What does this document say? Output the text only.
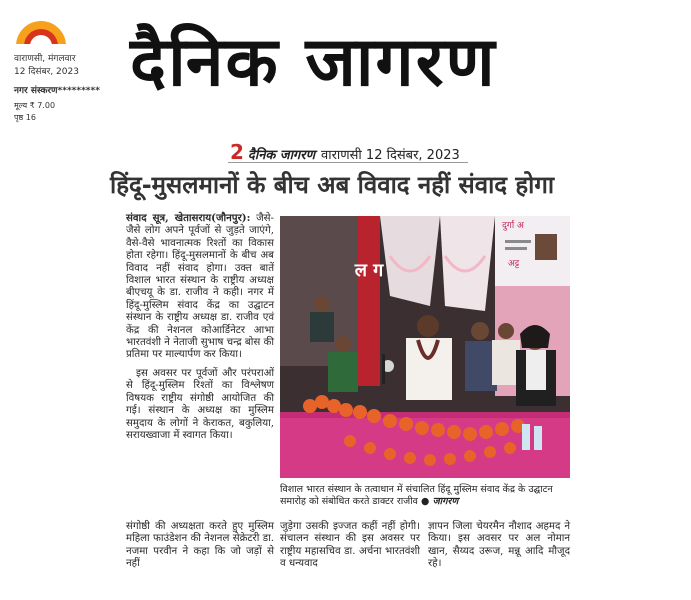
वाराणसी, मंगलवार
12 दिसंबर, 2023
नगर संस्करण*********
मूल्य ₹ 7.00
पृष्ठ 16
दैनिक जागरण
2 दैनिक जागरण वाराणसी 12 दिसंबर, 2023
हिंदू-मुसलमानों के बीच अब विवाद नहीं संवाद होगा

संवाद सूत्र, खेतासराय(जौनपुर): जैसे-जैसे लोग अपने पूर्वजों से जुड़ते जाएंगे, वैसे-वैसे भावनात्मक रिश्तों का विकास होता रहेगा। हिंदू-मुसलमानों के बीच अब विवाद नहीं संवाद होगा। उक्त बातें विशाल भारत संस्थान के राष्ट्रीय अध्यक्ष बीएचयू के डा. राजीव ने कही। नगर में हिंदू-मुस्लिम संवाद केंद्र का उद्घाटन संस्थान के राष्ट्रीय अध्यक्ष डा. राजीव एवं केंद्र की नेशनल कोआर्डिनेटर आभा भारतवंशी ने नेताजी सुभाष चन्द्र बोस की प्रतिमा पर माल्यार्पण कर किया।

इस अवसर पर पूर्वजों और परंपराओं से हिंदू-मुस्लिम रिश्तों का विश्लेषण विषयक राष्ट्रीय संगोष्ठी आयोजित की गई। संस्थान के अध्यक्ष का मुस्लिम समुदाय के लोगों ने केराकत, बकुलिया, सरायख्वाजा में स्वागत किया।

ल ग
दुर्गा अ
अट्ट
विशाल भारत संस्थान के तत्वाधान में संचालित हिंदू मुस्लिम संवाद केंद्र के उद्घाटन समारोह को संबोधित करते डाक्टर राजीव ● जागरण
संगोष्ठी की अध्यक्षता करते हुए मुस्लिम महिला फाउंडेशन की नेशनल सेक्रेटरी डा. नजमा परवीन ने कहा कि जो जड़ों से नहीं
जुड़ेगा उसकी इज्जत कहीं नहीं होगी। संचालन संस्थान की इस अवसर पर राष्ट्रीय महासचिव डा. अर्चना भारतवंशी व धन्यवाद
ज्ञापन जिला चेयरमैन नौशाद अहमद ने किया। इस अवसर पर अल नोमान खान, सैय्यद उरूज, मन्नू आदि मौजूद रहे।
